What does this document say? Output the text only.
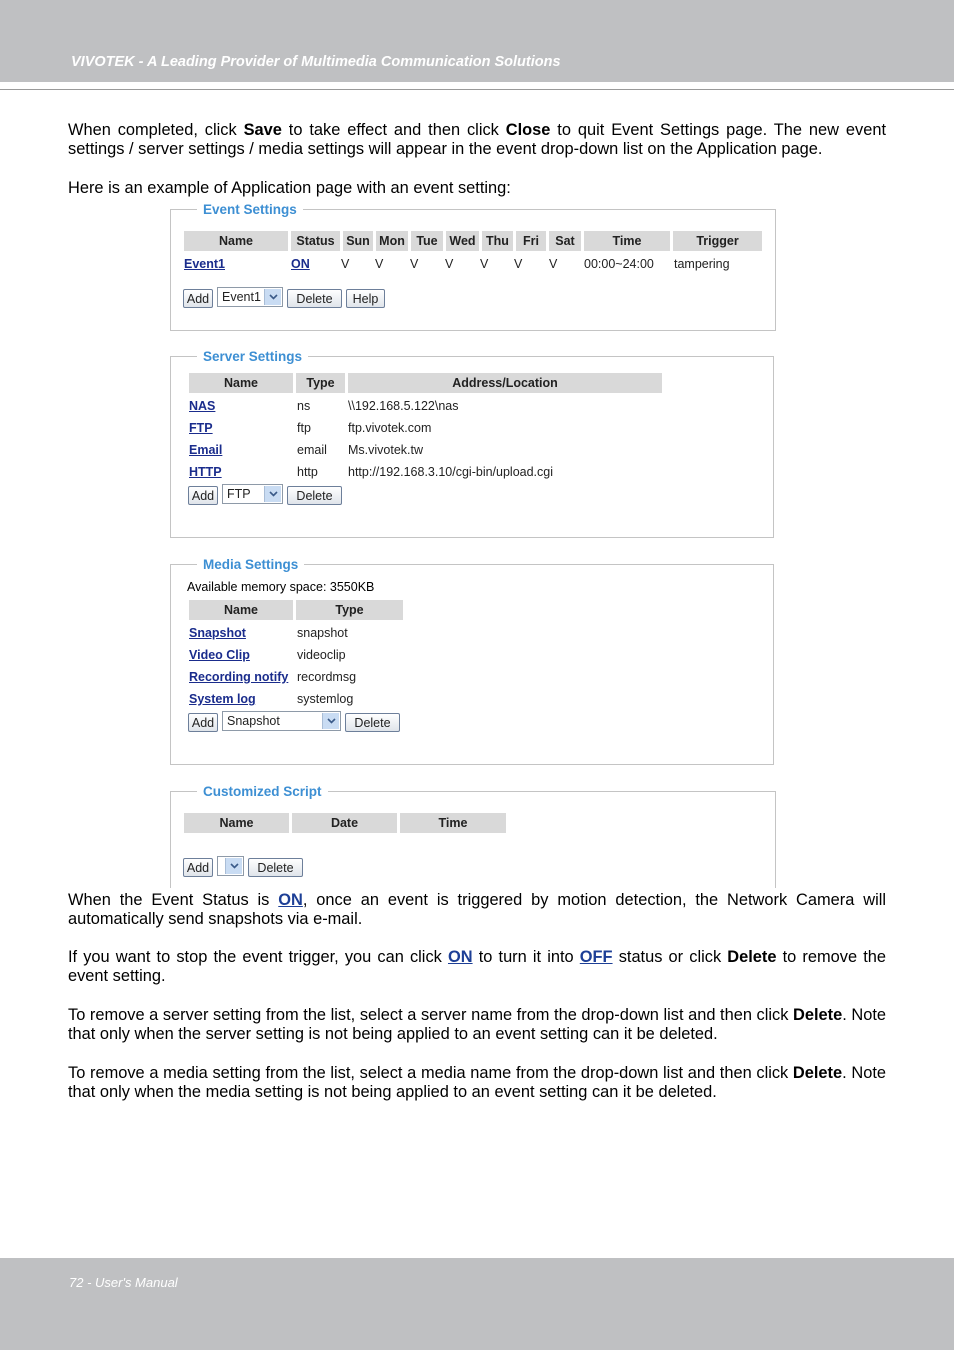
VIVOTEK - A Leading Provider of Multimedia Communication Solutions
When completed, click Save to take effect and then click Close to quit Event Settings page. The new event settings / server settings / media settings will appear in the event drop-down list on the Application page.
Here is an example of Application page with an event setting:
Event Settings
Name	Status Sun Mon Tue Wed Thu	Fri	Sat	Time	Trigger
Event1	ON	V V V V V V V 00:00~24:00 tampering
Add	Event1	Delete	Help
Server Settings
Name	Type	Address/Location
NAS	ns	\\192.168.5.122\nas
FTP	ftp	ftp.vivotek.com
Email	email Ms.vivotek.tw
HTTP	http http://192.168.3.10/cgi-bin/upload.cgi
Add	FTP	Delete
Media Settings
Available memory space: 3550KB
Name	Type
Snapshot	snapshot
Video Clip	videoclip
Recording notify recordmsg
System log	systemlog
Add	Snapshot	Delete
Customized Script
Name	Date	Time
Add	Delete
When the Event Status is ON, once an event is triggered by motion detection, the Network Camera will automatically send snapshots via e-mail.
If you want to stop the event trigger, you can click ON to turn it into OFF status or click Delete to remove the event setting.
To remove a server setting from the list, select a server name from the drop-down list and then click Delete. Note that only when the server setting is not being applied to an event setting can it be deleted.
To remove a media setting from the list, select a media name from the drop-down list and then click Delete. Note that only when the media setting is not being applied to an event setting can it be deleted.
72 - User's Manual
